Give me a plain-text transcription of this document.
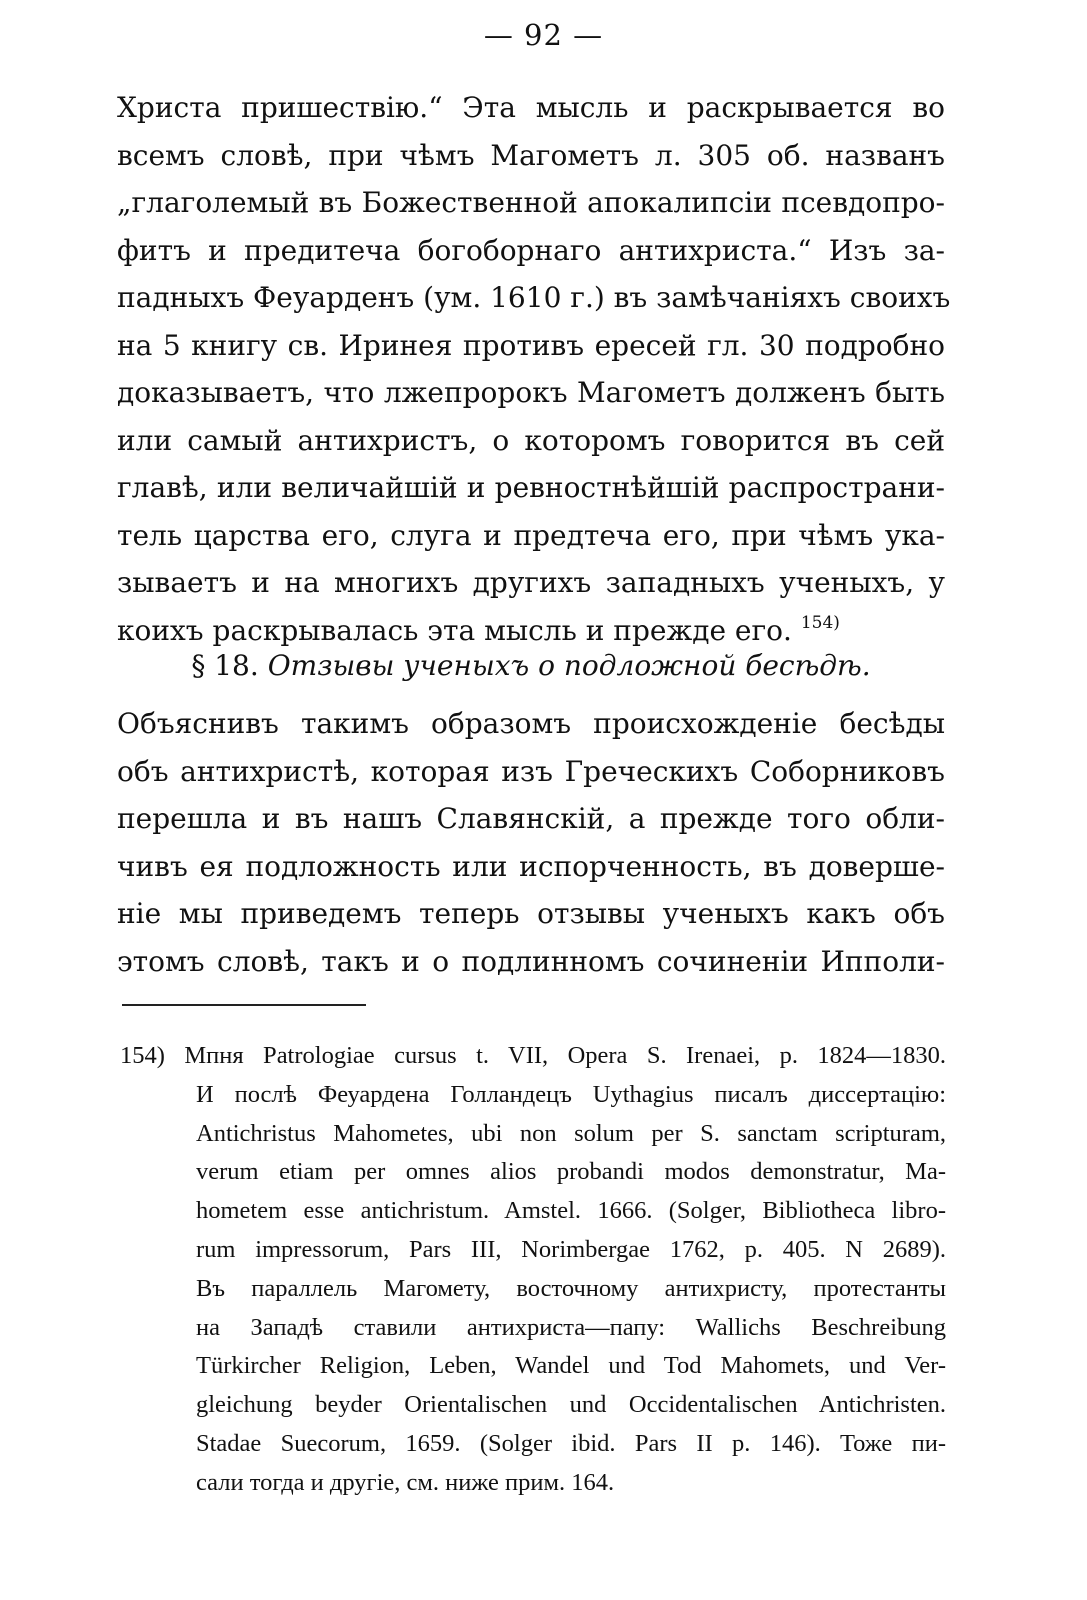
— 92 —
Христа пришествію.“ Эта мысль и раскрывается во
всемъ словѣ, при чѣмъ Магометъ л. 305 об. названъ
„глаголемый въ Божественной апокалипсіи псевдопро-
фитъ и предитеча богоборнаго антихриста.“ Изъ за-
падныхъ Феуарденъ (ум. 1610 г.) въ замѣчаніяхъ своихъ
на 5 книгу св. Иринея противъ ересей гл. 30 подробно
доказываетъ, что лжепророкъ Магометъ долженъ быть
или самый антихристъ, о которомъ говорится въ сей
главѣ, или величайшій и ревностнѣйшій распространи-
тель царства его, слуга и предтеча его, при чѣмъ ука-
зываетъ и на многихъ другихъ западныхъ ученыхъ, у
коихъ раскрывалась эта мысль и прежде его. $^{154)}$
§ 18. Отзывы ученыхъ о подложной бесѣдѣ.
Объяснивъ такимъ образомъ происхожденіе бесѣды
объ антихристѣ, которая изъ Греческихъ Соборниковъ
перешла и въ нашъ Славянскій, а прежде того обли-
чивъ ея подложность или испорченность, въ доверше-
ніе мы приведемъ теперь отзывы ученыхъ какъ объ
этомъ словѣ, такъ и о подлинномъ сочиненіи Ипполи-
154) Мпня Patrologiae cursus t. VII, Opera S. Irenaei, p. 1824—1830.
И послѣ Феуардена Голландецъ Uythagius писалъ диссертацію:
Antichristus Mahometes, ubi non solum per S. sanctam scripturam,
verum etiam per omnes alios probandi modos demonstratur, Ma-
hometem esse antichristum. Amstel. 1666. (Solger, Bibliotheca libro-
rum impressorum, Pars III, Norimbergae 1762, p. 405. N 2689).
Въ параллель Магомету, восточному антихристу, протестанты
на Западѣ ставили антихриста—папу: Wallichs Beschreibung
Türkircher Religion, Leben, Wandel und Tod Mahomets, und Ver-
gleichung beyder Orientalischen und Occidentalischen Antichristen.
Stadae Suecorum, 1659. (Solger ibid. Pars II p. 146). Тоже пи-
сали тогда и другіе, см. ниже прим. 164.
